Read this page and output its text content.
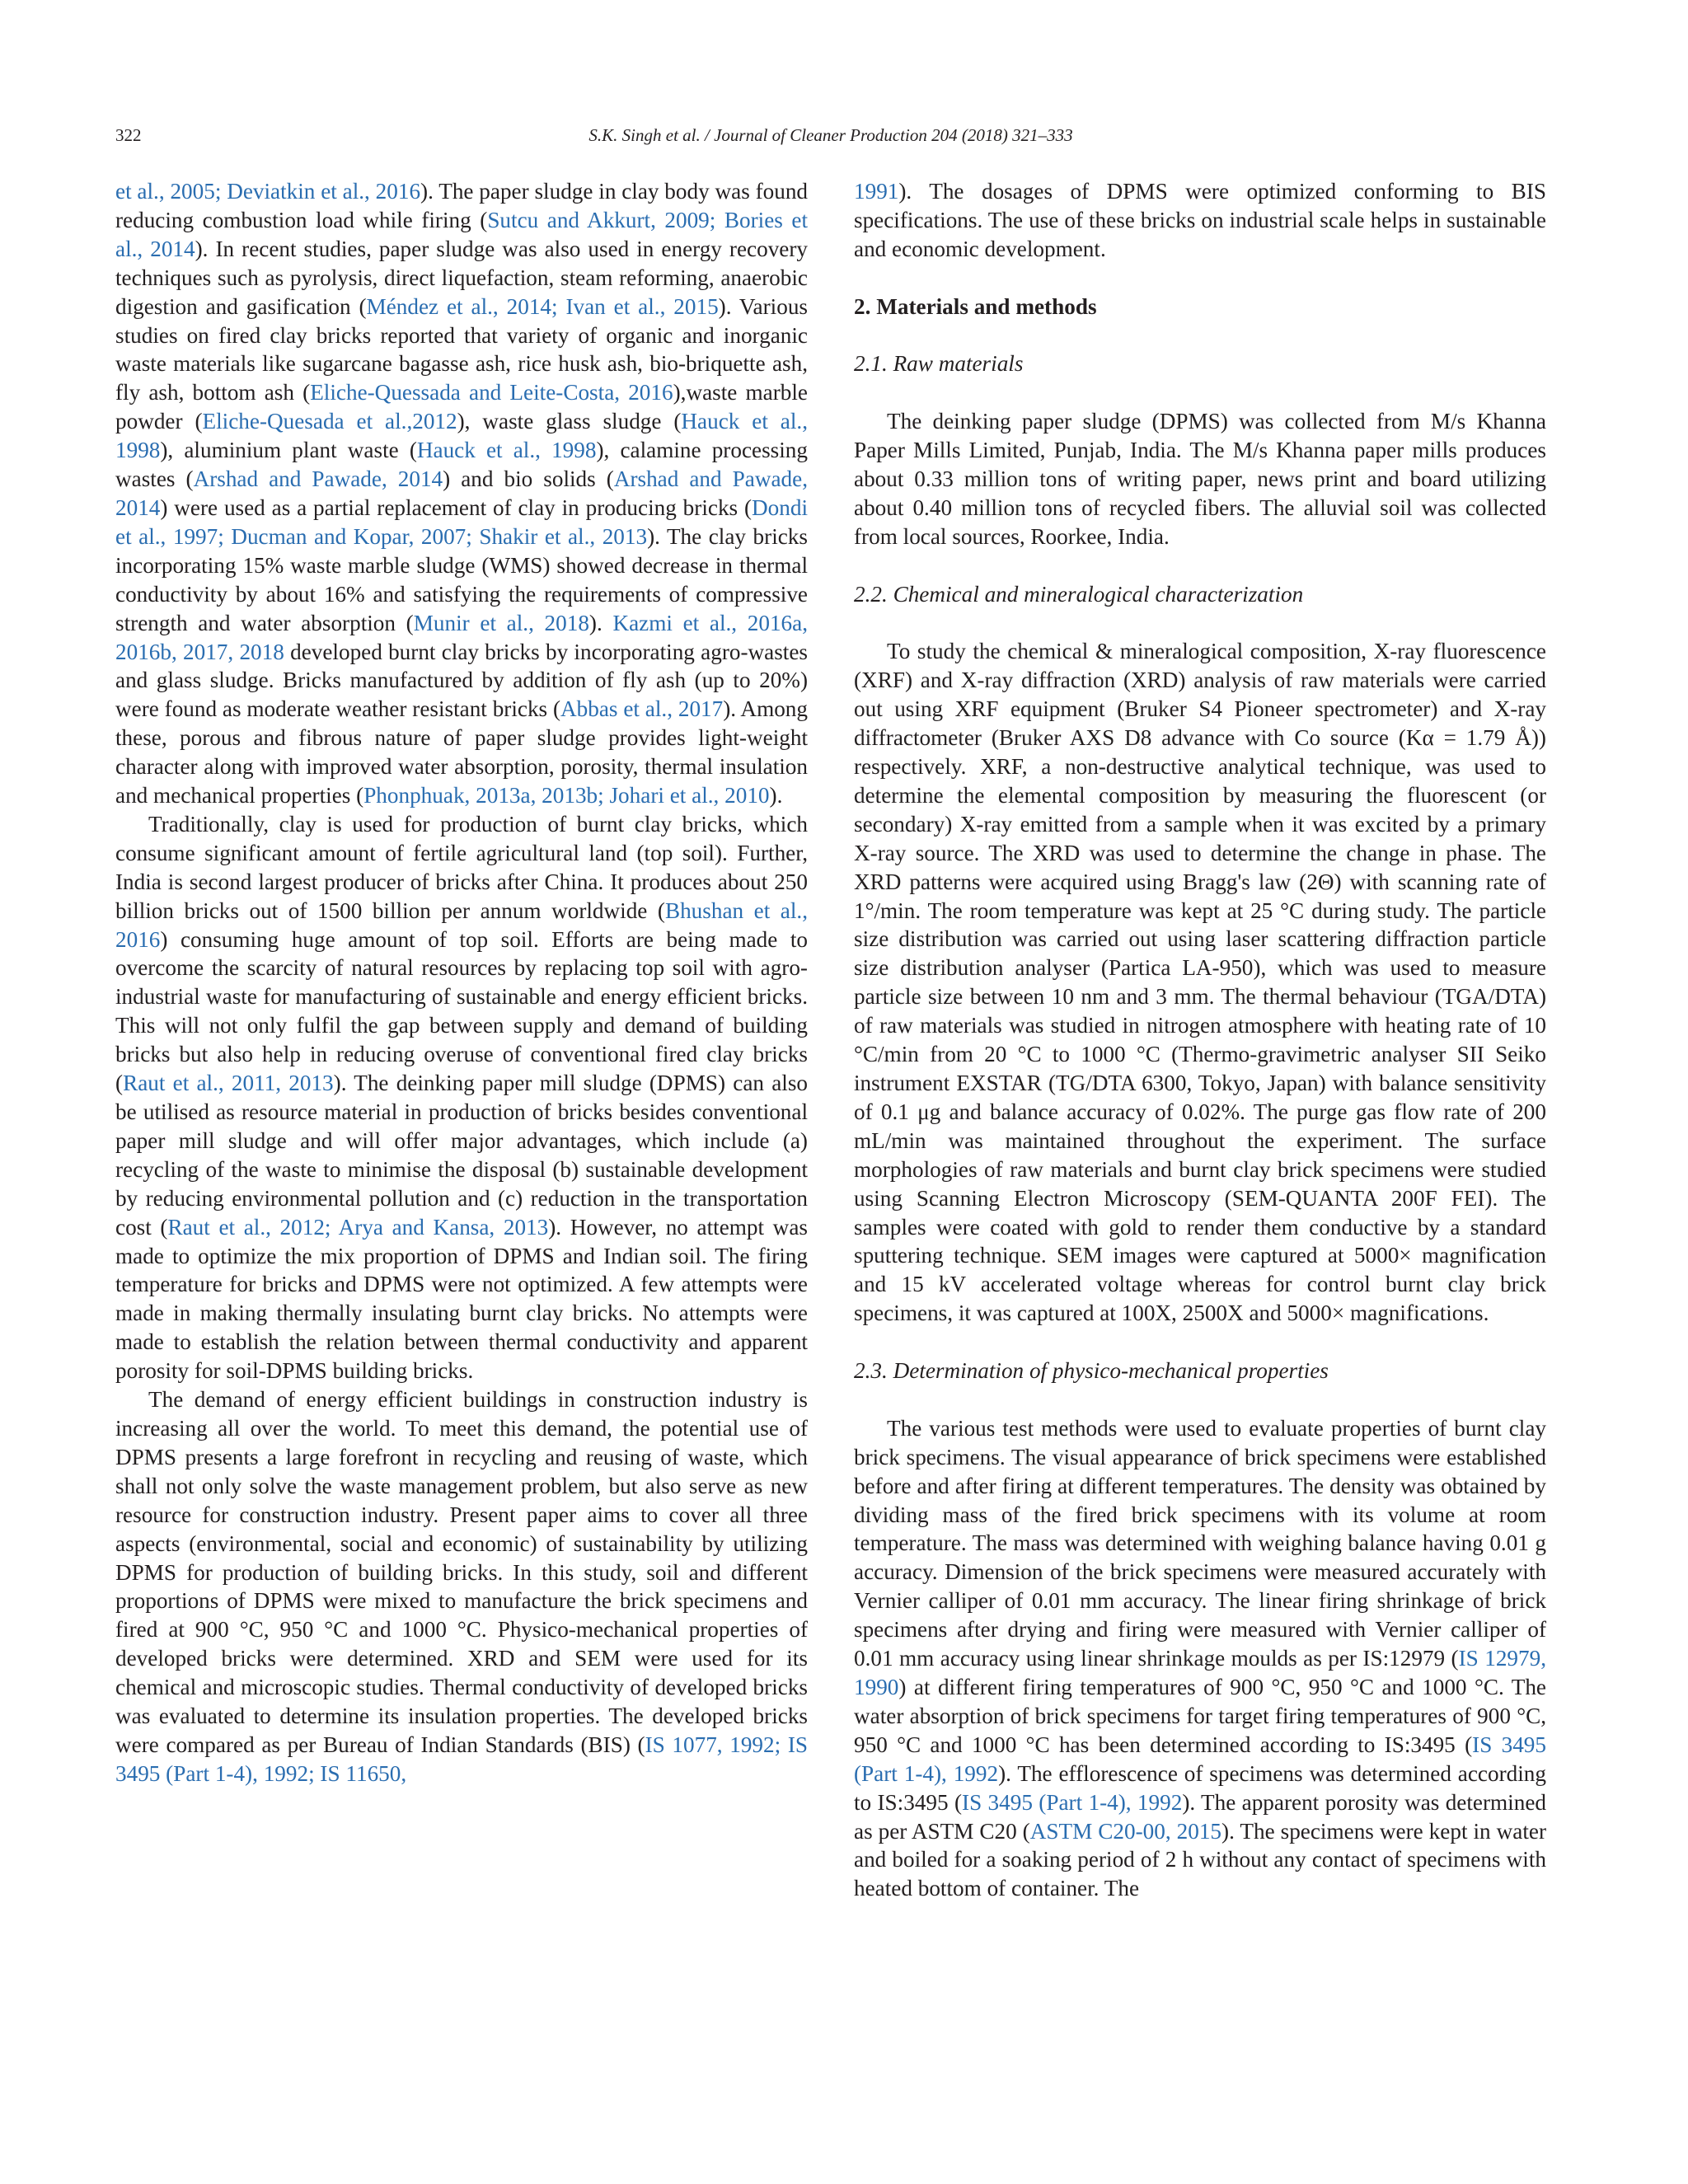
322	S.K. Singh et al. / Journal of Cleaner Production 204 (2018) 321–333

et al., 2005; Deviatkin et al., 2016). The paper sludge in clay body was found reducing combustion load while firing (Sutcu and Akkurt, 2009; Bories et al., 2014). In recent studies, paper sludge was also used in energy recovery techniques such as pyrolysis, direct liquefaction, steam reforming, anaerobic digestion and gasification (Méndez et al., 2014; Ivan et al., 2015). Various studies on fired clay bricks reported that variety of organic and inorganic waste materials like sugarcane bagasse ash, rice husk ash, bio-briquette ash, fly ash, bottom ash (Eliche-Quessada and Leite-Costa, 2016),waste marble powder (Eliche-Quesada et al.,2012), waste glass sludge (Hauck et al., 1998), aluminium plant waste (Hauck et al., 1998), calamine processing wastes (Arshad and Pawade, 2014) and bio solids (Arshad and Pawade, 2014) were used as a partial replacement of clay in producing bricks (Dondi et al., 1997; Ducman and Kopar, 2007; Shakir et al., 2013). The clay bricks incorporating 15% waste marble sludge (WMS) showed decrease in thermal conductivity by about 16% and satisfying the requirements of compressive strength and water absorption (Munir et al., 2018). Kazmi et al., 2016a, 2016b, 2017, 2018 developed burnt clay bricks by incorporating agro-wastes and glass sludge. Bricks manufactured by addition of fly ash (up to 20%) were found as moderate weather resistant bricks (Abbas et al., 2017). Among these, porous and fibrous nature of paper sludge provides light-weight character along with improved water absorption, porosity, thermal insulation and mechanical properties (Phonphuak, 2013a, 2013b; Johari et al., 2010).

Traditionally, clay is used for production of burnt clay bricks, which consume significant amount of fertile agricultural land (top soil). Further, India is second largest producer of bricks after China. It produces about 250 billion bricks out of 1500 billion per annum worldwide (Bhushan et al., 2016) consuming huge amount of top soil. Efforts are being made to overcome the scarcity of natural resources by replacing top soil with agro-industrial waste for manufacturing of sustainable and energy efficient bricks. This will not only fulfil the gap between supply and demand of building bricks but also help in reducing overuse of conventional fired clay bricks (Raut et al., 2011, 2013). The deinking paper mill sludge (DPMS) can also be utilised as resource material in production of bricks besides conventional paper mill sludge and will offer major advantages, which include (a) recycling of the waste to minimise the disposal (b) sustainable development by reducing environmental pollution and (c) reduction in the transportation cost (Raut et al., 2012; Arya and Kansa, 2013). However, no attempt was made to optimize the mix proportion of DPMS and Indian soil. The firing temperature for bricks and DPMS were not optimized. A few attempts were made in making thermally insulating burnt clay bricks. No attempts were made to establish the relation between thermal conductivity and apparent porosity for soil-DPMS building bricks.

The demand of energy efficient buildings in construction industry is increasing all over the world. To meet this demand, the potential use of DPMS presents a large forefront in recycling and reusing of waste, which shall not only solve the waste management problem, but also serve as new resource for construction industry. Present paper aims to cover all three aspects (environmental, social and economic) of sustainability by utilizing DPMS for production of building bricks. In this study, soil and different proportions of DPMS were mixed to manufacture the brick specimens and fired at 900 °C, 950 °C and 1000 °C. Physico-mechanical properties of developed bricks were determined. XRD and SEM were used for its chemical and microscopic studies. Thermal conductivity of developed bricks was evaluated to determine its insulation properties. The developed bricks were compared as per Bureau of Indian Standards (BIS) (IS 1077, 1992; IS 3495 (Part 1-4), 1992; IS 11650,

1991). The dosages of DPMS were optimized conforming to BIS specifications. The use of these bricks on industrial scale helps in sustainable and economic development.

2. Materials and methods
2.1. Raw materials

The deinking paper sludge (DPMS) was collected from M/s Khanna Paper Mills Limited, Punjab, India. The M/s Khanna paper mills produces about 0.33 million tons of writing paper, news print and board utilizing about 0.40 million tons of recycled fibers. The alluvial soil was collected from local sources, Roorkee, India.

2.2. Chemical and mineralogical characterization

To study the chemical & mineralogical composition, X-ray fluorescence (XRF) and X-ray diffraction (XRD) analysis of raw materials were carried out using XRF equipment (Bruker S4 Pioneer spectrometer) and X-ray diffractometer (Bruker AXS D8 advance with Co source (Kα = 1.79 Å)) respectively. XRF, a non-destructive analytical technique, was used to determine the elemental composition by measuring the fluorescent (or secondary) X-ray emitted from a sample when it was excited by a primary X-ray source. The XRD was used to determine the change in phase. The XRD patterns were acquired using Bragg's law (2Θ) with scanning rate of 1°/min. The room temperature was kept at 25 °C during study. The particle size distribution was carried out using laser scattering diffraction particle size distribution analyser (Partica LA-950), which was used to measure particle size between 10 nm and 3 mm. The thermal behaviour (TGA/DTA) of raw materials was studied in nitrogen atmosphere with heating rate of 10 °C/min from 20 °C to 1000 °C (Thermo-gravimetric analyser SII Seiko instrument EXSTAR (TG/DTA 6300, Tokyo, Japan) with balance sensitivity of 0.1 μg and balance accuracy of 0.02%. The purge gas flow rate of 200 mL/min was maintained throughout the experiment. The surface morphologies of raw materials and burnt clay brick specimens were studied using Scanning Electron Microscopy (SEM-QUANTA 200F FEI). The samples were coated with gold to render them conductive by a standard sputtering technique. SEM images were captured at 5000× magnification and 15 kV accelerated voltage whereas for control burnt clay brick specimens, it was captured at 100X, 2500X and 5000× magnifications.

2.3. Determination of physico-mechanical properties

The various test methods were used to evaluate properties of burnt clay brick specimens. The visual appearance of brick specimens were established before and after firing at different temperatures. The density was obtained by dividing mass of the fired brick specimens with its volume at room temperature. The mass was determined with weighing balance having 0.01 g accuracy. Dimension of the brick specimens were measured accurately with Vernier calliper of 0.01 mm accuracy. The linear firing shrinkage of brick specimens after drying and firing were measured with Vernier calliper of 0.01 mm accuracy using linear shrinkage moulds as per IS:12979 (IS 12979, 1990) at different firing temperatures of 900 °C, 950 °C and 1000 °C. The water absorption of brick specimens for target firing temperatures of 900 °C, 950 °C and 1000 °C has been determined according to IS:3495 (IS 3495 (Part 1-4), 1992). The efflorescence of specimens was determined according to IS:3495 (IS 3495 (Part 1-4), 1992). The apparent porosity was determined as per ASTM C20 (ASTM C20-00, 2015). The specimens were kept in water and boiled for a soaking period of 2 h without any contact of specimens with heated bottom of container. The
